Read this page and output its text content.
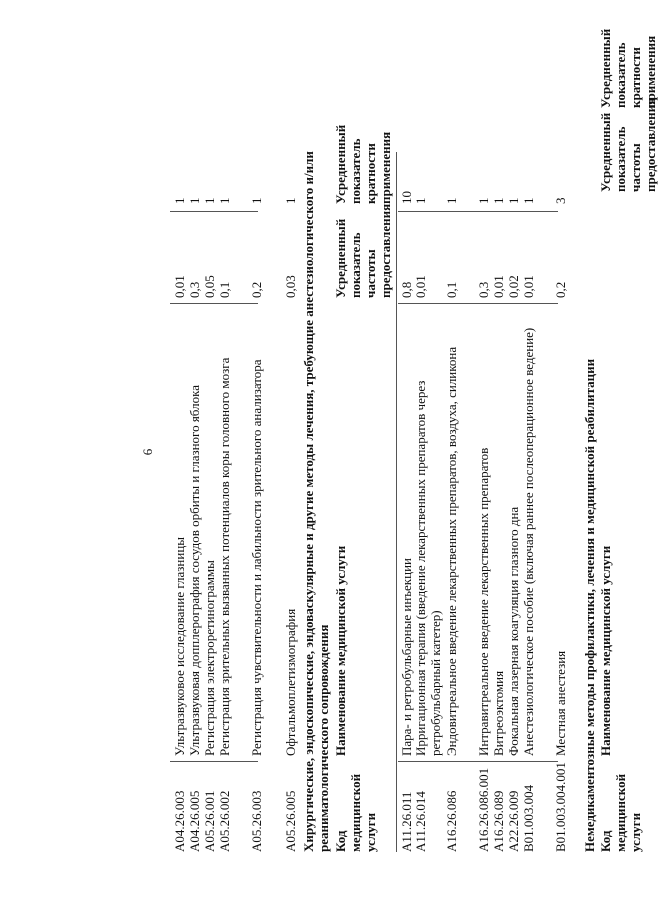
6
A04.26.003
Ультразвуковое исследование глазницы
0,01
1
A04.26.005
Ультразвуковая допплерография сосудов орбиты и глазного яблока
0,3
1
A05.26.001
Регистрация электроретинограммы
0,05
1
A05.26.002
Регистрация зрительных вызванных потенциалов коры головного мозга
0,1
1
A05.26.003
Регистрация чувствительности и лабильности зрительного анализатора
0,2
1
A05.26.005
Офтальмоплетизмография
0,03
1 Хирургические, эндоскопические, эндоваскулярные и другие методы лечения, требующие анестезиологического и/или реаниматологического сопровождения Код медицинской услуги
Наименование медицинской услуги
Усредненный показатель частоты предоставления
Усредненный показатель кратности применения
A11.26.011
Пара- и ретробульбарные инъекции
0,8
10
A11.26.014
Ирригационная терапия (введение лекарственных препаратов через ретробульбарный катетер)
0,01
1
A16.26.086
Эндовитреальное введение лекарственных препаратов, воздуха, силикона
0,1
1
A16.26.086.001
Интравитреальное введение лекарственных препаратов
0,3
1
A16.26.089
Витреоэктомия
0,01
1
A22.26.009
Фокальная лазерная коагуляция глазного дна
0,02
1
B01.003.004
Анестезиологическое пособие (включая раннее послеоперационное ведение)
0,01
1
B01.003.004.001
Местная анестезия
0,2
3
Немедикаментозные методы профилактики, лечения и медицинской реабилитации Код медицинской услуги
Наименование медицинской услуги
Усредненный показатель частоты предоставления
Усредненный показатель кратности применения
